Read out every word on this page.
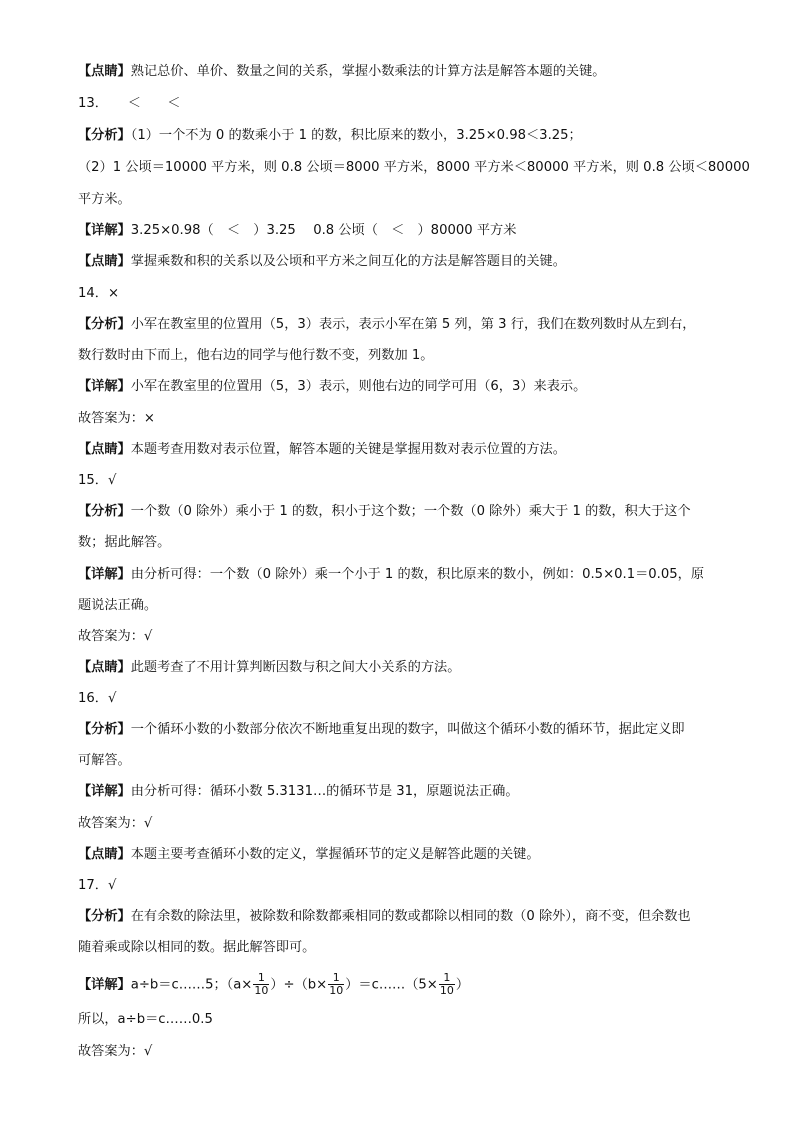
【点睛】熟记总价、单价、数量之间的关系，掌握小数乘法的计算方法是解答本题的关键。
13．　　＜　　＜
【分析】（1）一个不为 0 的数乘小于 1 的数，积比原来的数小，3.25×0.98＜3.25；
（2）1 公顷＝10000 平方米，则 0.8 公顷＝8000 平方米，8000 平方米＜80000 平方米，则 0.8 公顷＜80000
平方米。
【详解】3.25×0.98（　＜　）3.25　 0.8 公顷（　＜　）80000 平方米
【点睛】掌握乘数和积的关系以及公顷和平方米之间互化的方法是解答题目的关键。
14．×
【分析】小军在教室里的位置用（5，3）表示，表示小军在第 5 列，第 3 行，我们在数列数时从左到右，
数行数时由下而上，他右边的同学与他行数不变，列数加 1。
【详解】小军在教室里的位置用（5，3）表示，则他右边的同学可用（6，3）来表示。
故答案为：×
【点睛】本题考查用数对表示位置，解答本题的关键是掌握用数对表示位置的方法。
15．√
【分析】一个数（0 除外）乘小于 1 的数，积小于这个数；一个数（0 除外）乘大于 1 的数，积大于这个
数；据此解答。
【详解】由分析可得：一个数（0 除外）乘一个小于 1 的数，积比原来的数小，例如：0.5×0.1＝0.05，原
题说法正确。
故答案为：√
【点睛】此题考查了不用计算判断因数与积之间大小关系的方法。
16．√
【分析】一个循环小数的小数部分依次不断地重复出现的数字，叫做这个循环小数的循环节，据此定义即
可解答。
【详解】由分析可得：循环小数 5.3131…的循环节是 31，原题说法正确。
故答案为：√
【点睛】本题主要考查循环小数的定义，掌握循环节的定义是解答此题的关键。
17．√
【分析】在有余数的除法里，被除数和除数都乘相同的数或都除以相同的数（0 除外），商不变，但余数也
随着乘或除以相同的数。据此解答即可。
【详解】a÷b＝c……5；$(a\times \frac{1}{10} )\div(b\times \frac{1}{10}$ ）＝c……（5× $\frac{1}{10}$ ）
所以，a÷b＝c……0.5
故答案为：√
